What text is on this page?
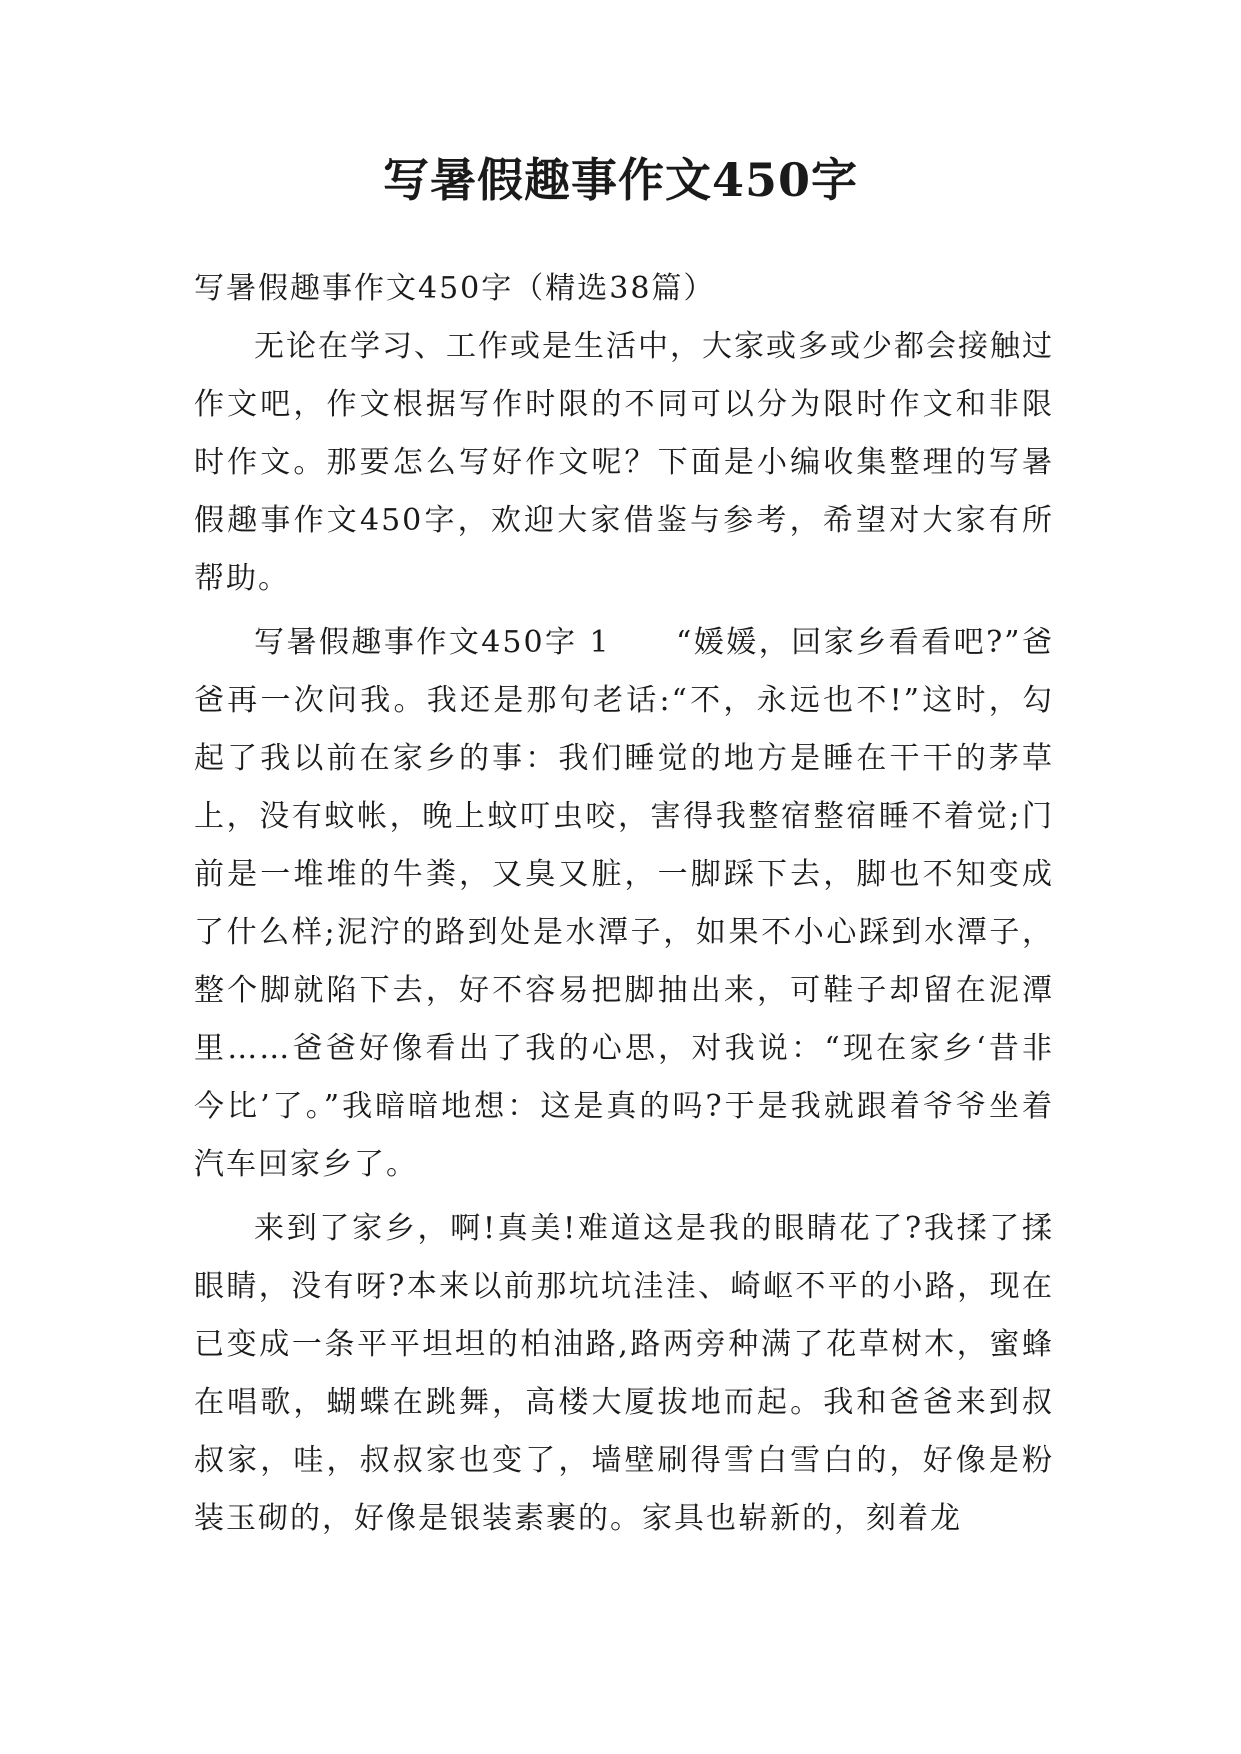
写暑假趣事作文450字

写暑假趣事作文450字（精选38篇）

无论在学习、工作或是生活中，大家或多或少都会接触过作文吧，作文根据写作时限的不同可以分为限时作文和非限时作文。那要怎么写好作文呢？下面是小编收集整理的写暑假趣事作文450字，欢迎大家借鉴与参考，希望对大家有所帮助。

写暑假趣事作文450字 1　　“媛媛，回家乡看看吧?”爸爸再一次问我。我还是那句老话:“不，永远也不!”这时，勾起了我以前在家乡的事：我们睡觉的地方是睡在干干的茅草上，没有蚊帐，晚上蚊叮虫咬，害得我整宿整宿睡不着觉;门前是一堆堆的牛粪，又臭又脏，一脚踩下去，脚也不知变成了什么样;泥泞的路到处是水潭子，如果不小心踩到水潭子，整个脚就陷下去，好不容易把脚抽出来，可鞋子却留在泥潭里……爸爸好像看出了我的心思，对我说：“现在家乡‘昔非今比’了。”我暗暗地想：这是真的吗?于是我就跟着爷爷坐着汽车回家乡了。

来到了家乡，啊!真美!难道这是我的眼睛花了?我揉了揉眼睛，没有呀?本来以前那坑坑洼洼、崎岖不平的小路，现在已变成一条平平坦坦的柏油路,路两旁种满了花草树木，蜜蜂在唱歌，蝴蝶在跳舞，高楼大厦拔地而起。我和爸爸来到叔叔家，哇，叔叔家也变了，墙壁刷得雪白雪白的，好像是粉装玉砌的，好像是银装素裹的。家具也崭新的，刻着龙
